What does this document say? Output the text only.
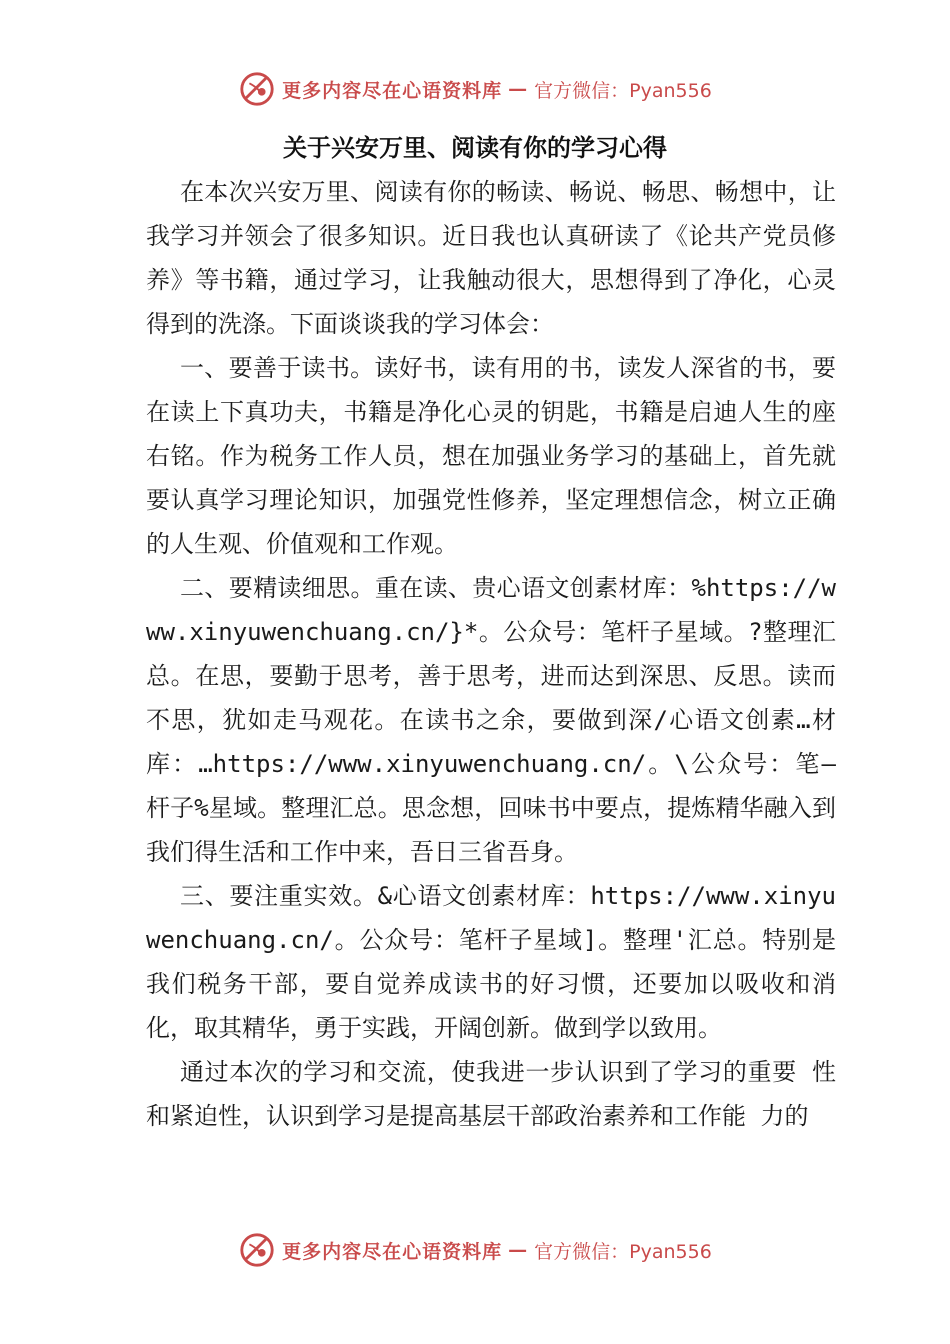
更多内容尽在心语资料库 — 官方微信：Pyan556
关于兴安万里、阅读有你的学习心得

在本次兴安万里、阅读有你的畅读、畅说、畅思、畅想中，让我学习并领会了很多知识。近日我也认真研读了《论共产党员修养》等书籍，通过学习，让我触动很大，思想得到了净化，心灵得到的洗涤。下面谈谈我的学习体会：

一、要善于读书。读好书，读有用的书，读发人深省的书，要在读上下真功夫，书籍是净化心灵的钥匙，书籍是启迪人生的座右铭。作为税务工作人员，想在加强业务学习的基础上，首先就要认真学习理论知识，加强党性修养，坚定理想信念，树立正确的人生观、价值观和工作观。

二、要精读细思。重在读、贵心语文创素材库：%https://www.xinyuwenchuang.cn/}*。公众号：笔杆子星域。?整理汇总。在思，要勤于思考，善于思考，进而达到深思、反思。读而不思，犹如走马观花。在读书之余，要做到深/心语文创素…材库：…https://www.xinyuwenchuang.cn/。\公众号：笔—杆子%星域。整理汇总。思念想，回味书中要点，提炼精华融入到我们得生活和工作中来，吾日三省吾身。

三、要注重实效。&心语文创素材库：https://www.xinyuwenchuang.cn/。公众号：笔杆子星域]。整理'汇总。特别是我们税务干部，要自觉养成读书的好习惯，还要加以吸收和消化，取其精华，勇于实践，开阔创新。做到学以致用。

通过本次的学习和交流，使我进一步认识到了学习的重要 性和紧迫性，认识到学习是提高基层干部政治素养和工作能 力的

更多内容尽在心语资料库 — 官方微信：Pyan556
